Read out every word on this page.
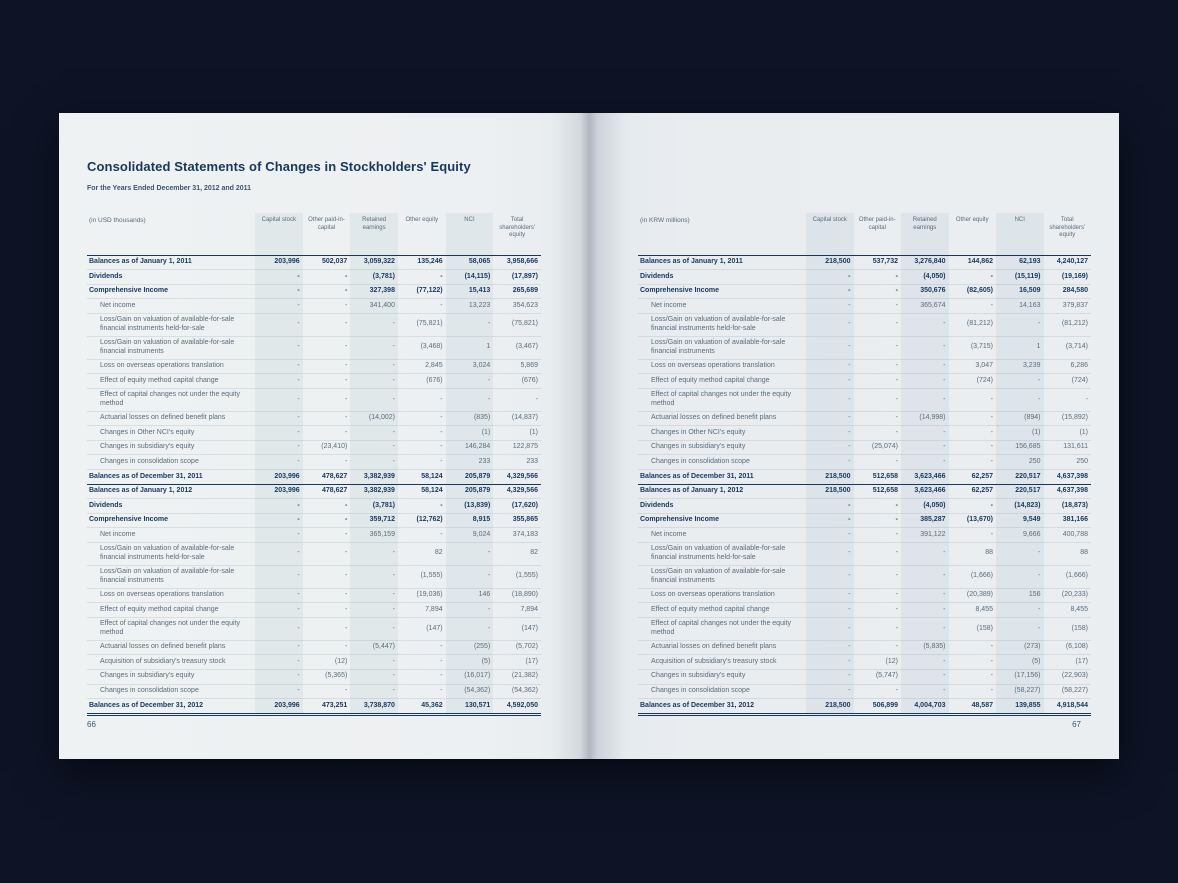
Consolidated Statements of Changes in Stockholders' Equity
For the Years Ended December 31, 2012 and 2011
(in USD thousands)	Capital stock	Other paid-in- capital	Retained earnings	Other equity	NCI	Total shareholders' equity
Balances as of January 1, 2011	203,996	502,037	3,059,322	135,246	58,065	3,958,666
Dividends	-	-	(3,781)	-	(14,115)	(17,897)
Comprehensive Income	-	-	327,398	(77,122)	15,413	265,689
Net income	-	-	341,400	-	13,223	354,623
Loss/Gain on valuation of available-for-sale financial instruments held-for-sale	-	-	-	(75,821)	-	(75,821)
Loss/Gain on valuation of available-for-sale financial instruments	-	-	-	(3,468)	1	(3,467)
Loss on overseas operations translation	-	-	-	2,845	3,024	5,869
Effect of equity method capital change	-	-	-	(676)	-	(676)
Effect of capital changes not under the equity method	-	-	-	-	-	-
Actuarial losses on defined benefit plans	-	-	(14,002)	-	(835)	(14,837)
Changes in Other NCI's equity	-	-	-	-	(1)	(1)
Changes in subsidiary's equity	-	(23,410)	-	-	146,284	122,875
Changes in consolidation scope	-	-	-	-	233	233
Balances as of December 31, 2011	203,996	478,627	3,382,939	58,124	205,879	4,329,566
Balances as of January 1, 2012	203,996	478,627	3,382,939	58,124	205,879	4,329,566
Dividends	-	-	(3,781)	-	(13,839)	(17,620)
Comprehensive Income	-	-	359,712	(12,762)	8,915	355,865
Net income	-	-	365,159	-	9,024	374,183
Loss/Gain on valuation of available-for-sale financial instruments held-for-sale	-	-	-	82	-	82
Loss/Gain on valuation of available-for-sale financial instruments	-	-	-	(1,555)	-	(1,555)
Loss on overseas operations translation	-	-	-	(19,036)	146	(18,890)
Effect of equity method capital change	-	-	-	7,894	-	7,894
Effect of capital changes not under the equity method	-	-	-	(147)	-	(147)
Actuarial losses on defined benefit plans	-	-	(5,447)	-	(255)	(5,702)
Acquisition of subsidiary's treasury stock	-	(12)	-	-	(5)	(17)
Changes in subsidiary's equity	-	(5,365)	-	-	(16,017)	(21,382)
Changes in consolidation scope	-	-	-	-	(54,362)	(54,362)
Balances as of December 31, 2012	203,996	473,251	3,738,870	45,362	130,571	4,592,050
66
(in KRW millions)	Capital stock	Other paid-in- capital	Retained earnings	Other equity	NCI	Total shareholders' equity
Balances as of January 1, 2011	218,500	537,732	3,276,840	144,862	62,193	4,240,127
Dividends	-	-	(4,050)	-	(15,119)	(19,169)
Comprehensive Income	-	-	350,676	(82,605)	16,509	284,580
Net income	-	-	365,674	-	14,163	379,837
Loss/Gain on valuation of available-for-sale financial instruments held-for-sale	-	-	-	(81,212)	-	(81,212)
Loss/Gain on valuation of available-for-sale financial instruments	-	-	-	(3,715)	1	(3,714)
Loss on overseas operations translation	-	-	-	3,047	3,239	6,286
Effect of equity method capital change	-	-	-	(724)	-	(724)
Effect of capital changes not under the equity method	-	-	-	-	-	-
Actuarial losses on defined benefit plans	-	-	(14,998)	-	(894)	(15,892)
Changes in Other NCI's equity	-	-	-	-	(1)	(1)
Changes in subsidiary's equity	-	(25,074)	-	-	156,685	131,611
Changes in consolidation scope	-	-	-	-	250	250
Balances as of December 31, 2011	218,500	512,658	3,623,466	62,257	220,517	4,637,398
Balances as of January 1, 2012	218,500	512,658	3,623,466	62,257	220,517	4,637,398
Dividends	-	-	(4,050)	-	(14,823)	(18,873)
Comprehensive Income	-	-	385,287	(13,670)	9,549	381,166
Net income	-	-	391,122	-	9,666	400,788
Loss/Gain on valuation of available-for-sale financial instruments held-for-sale	-	-	-	88	-	88
Loss/Gain on valuation of available-for-sale financial instruments	-	-	-	(1,666)	-	(1,666)
Loss on overseas operations translation	-	-	-	(20,389)	156	(20,233)
Effect of equity method capital change	-	-	-	8,455	-	8,455
Effect of capital changes not under the equity method	-	-	-	(158)	-	(158)
Actuarial losses on defined benefit plans	-	-	(5,835)	-	(273)	(6,108)
Acquisition of subsidiary's treasury stock	-	(12)	-	-	(5)	(17)
Changes in subsidiary's equity	-	(5,747)	-	-	(17,156)	(22,903)
Changes in consolidation scope	-	-	-	-	(58,227)	(58,227)
Balances as of December 31, 2012	218,500	506,899	4,004,703	48,587	139,855	4,918,544
67
